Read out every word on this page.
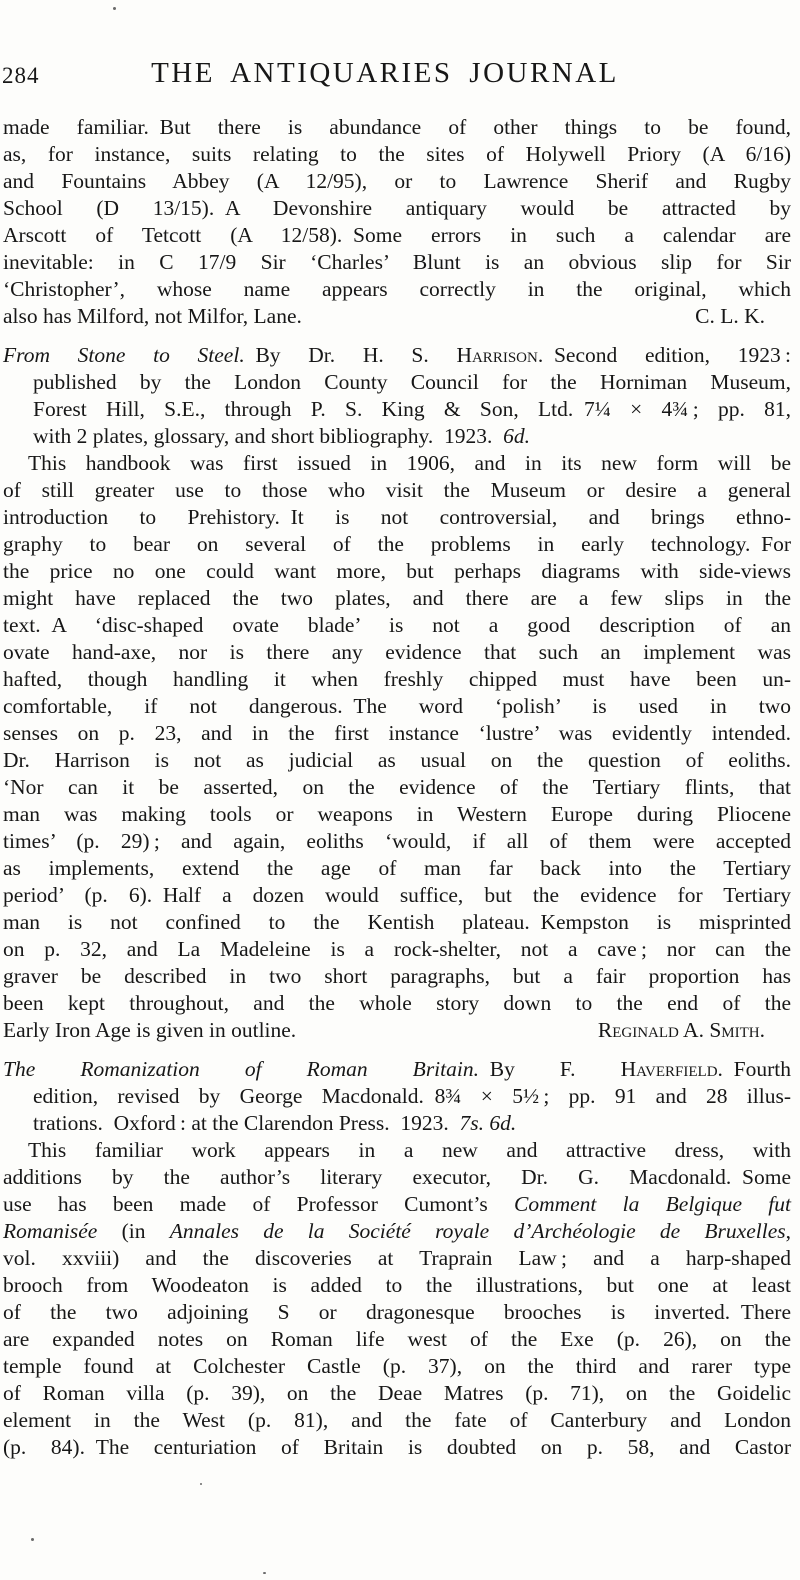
284	THE ANTIQUARIES JOURNAL
made familiar. But there is abundance of other things to be found,
as, for instance, suits relating to the sites of Holywell Priory (A 6/16)
and Fountains Abbey (A 12/95), or to Lawrence Sherif and Rugby
School (D 13/15). A Devonshire antiquary would be attracted by
Arscott of Tetcott (A 12/58). Some errors in such a calendar are
inevitable: in C 17/9 Sir ‘Charles’ Blunt is an obvious slip for Sir
‘Christopher’, whose name appears correctly in the original, which
also has Milford, not Milfor, Lane.	C. L. K.
From Stone to Steel. By Dr. H. S. Harrison. Second edition, 1923 :
published by the London County Council for the Horniman Museum,
Forest Hill, S.E., through P. S. King & Son, Ltd. 7¼ × 4¾ ; pp. 81,
with 2 plates, glossary, and short bibliography. 1923. 6d.
This handbook was first issued in 1906, and in its new form will be
of still greater use to those who visit the Museum or desire a general
introduction to Prehistory. It is not controversial, and brings ethno-
graphy to bear on several of the problems in early technology. For
the price no one could want more, but perhaps diagrams with side-views
might have replaced the two plates, and there are a few slips in the
text. A ‘disc-shaped ovate blade’ is not a good description of an
ovate hand-axe, nor is there any evidence that such an implement was
hafted, though handling it when freshly chipped must have been un-
comfortable, if not dangerous. The word ‘polish’ is used in two
senses on p. 23, and in the first instance ‘lustre’ was evidently intended.
Dr. Harrison is not as judicial as usual on the question of eoliths.
‘Nor can it be asserted, on the evidence of the Tertiary flints, that
man was making tools or weapons in Western Europe during Pliocene
times’ (p. 29) ; and again, eoliths ‘would, if all of them were accepted
as implements, extend the age of man far back into the Tertiary
period’ (p. 6). Half a dozen would suffice, but the evidence for Tertiary
man is not confined to the Kentish plateau. Kempston is misprinted
on p. 32, and La Madeleine is a rock-shelter, not a cave ; nor can the
graver be described in two short paragraphs, but a fair proportion has
been kept throughout, and the whole story down to the end of the
Early Iron Age is given in outline.	Reginald A. Smith.
The Romanization of Roman Britain. By F. Haverfield. Fourth
edition, revised by George Macdonald. 8¾ × 5½ ; pp. 91 and 28 illus-
trations. Oxford : at the Clarendon Press. 1923. 7s. 6d.
This familiar work appears in a new and attractive dress, with
additions by the author’s literary executor, Dr. G. Macdonald. Some
use has been made of Professor Cumont’s Comment la Belgique fut
Romanisée (in Annales de la Société royale d’Archéologie de Bruxelles,
vol. xxviii) and the discoveries at Traprain Law ; and a harp-shaped
brooch from Woodeaton is added to the illustrations, but one at least
of the two adjoining S or dragonesque brooches is inverted. There
are expanded notes on Roman life west of the Exe (p. 26), on the
temple found at Colchester Castle (p. 37), on the third and rarer type
of Roman villa (p. 39), on the Deae Matres (p. 71), on the Goidelic
element in the West (p. 81), and the fate of Canterbury and London
(p. 84). The centuriation of Britain is doubted on p. 58, and Castor
